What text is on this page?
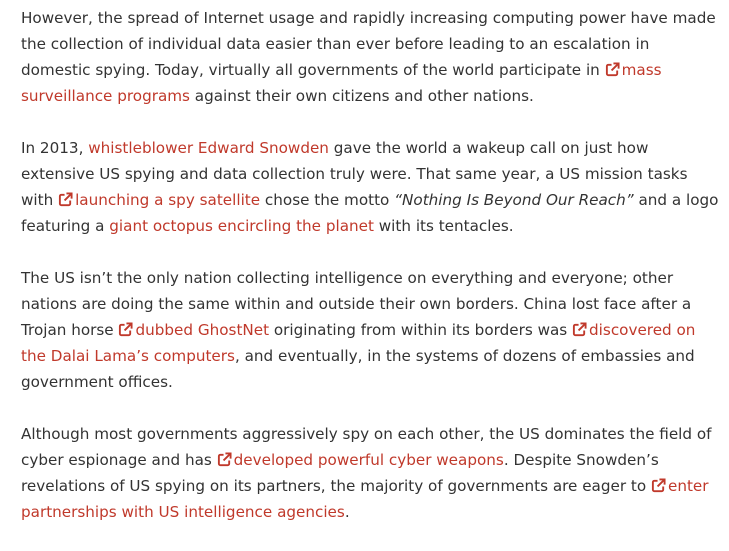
However, the spread of Internet usage and rapidly increasing computing power have made the collection of individual data easier than ever before leading to an escalation in domestic spying. Today, virtually all governments of the world participate in
mass surveillance programs against their own citizens and other nations.

In 2013, whistleblower Edward Snowden gave the world a wakeup call on just how extensive US spying and data collection truly were. That same year, a US mission tasks with
launching a spy satellite chose the motto “Nothing Is Beyond Our Reach” and a logo featuring a giant octopus encircling the planet with its tentacles.

The US isn’t the only nation collecting intelligence on everything and everyone; other nations are doing the same within and outside their own borders. China lost face after a Trojan horse
dubbed GhostNet originating from within its borders was
discovered on the Dalai Lama’s computers, and eventually, in the systems of dozens of embassies and government offices.

Although most governments aggressively spy on each other, the US dominates the field of cyber espionage and has
developed powerful cyber weapons. Despite Snowden’s revelations of US spying on its partners, the majority of governments are eager to
enter partnerships with US intelligence agencies.
